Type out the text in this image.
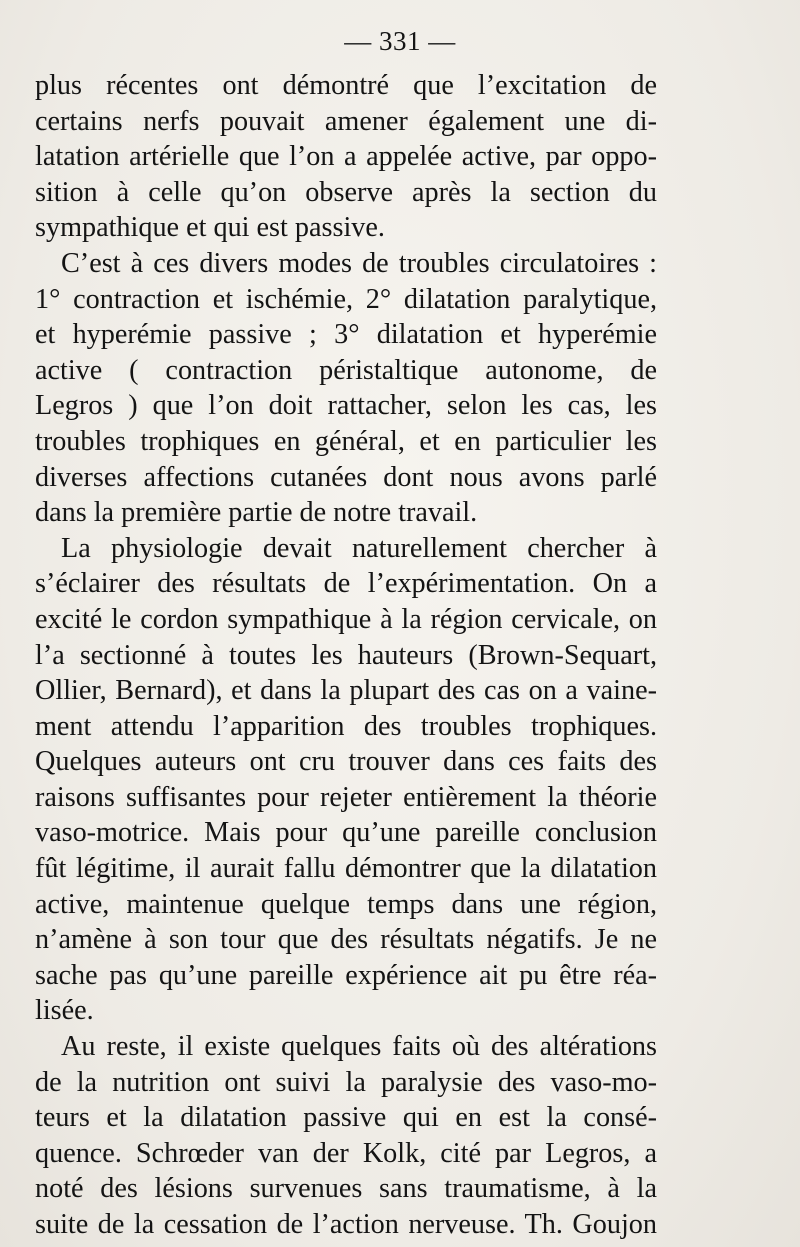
— 331 —
plus récentes ont démontré que l’excitation de
certains nerfs pouvait amener également une di-
latation artérielle que l’on a appelée active, par oppo-
sition à celle qu’on observe après la section du
sympathique et qui est passive.
C’est à ces divers modes de troubles circulatoires :
1° contraction et ischémie, 2° dilatation paralytique,
et hyperémie passive ; 3° dilatation et hyperémie
active ( contraction péristaltique autonome, de
Legros ) que l’on doit rattacher, selon les cas, les
troubles trophiques en général, et en particulier les
diverses affections cutanées dont nous avons parlé
dans la première partie de notre travail.
La physiologie devait naturellement chercher à
s’éclairer des résultats de l’expérimentation. On a
excité le cordon sympathique à la région cervicale, on
l’a sectionné à toutes les hauteurs (Brown-Sequart,
Ollier, Bernard), et dans la plupart des cas on a vaine-
ment attendu l’apparition des troubles trophiques.
Quelques auteurs ont cru trouver dans ces faits des
raisons suffisantes pour rejeter entièrement la théorie
vaso-motrice. Mais pour qu’une pareille conclusion
fût légitime, il aurait fallu démontrer que la dilatation
active, maintenue quelque temps dans une région,
n’amène à son tour que des résultats négatifs. Je ne
sache pas qu’une pareille expérience ait pu être réa-
lisée.
Au reste, il existe quelques faits où des altérations
de la nutrition ont suivi la paralysie des vaso-mo-
teurs et la dilatation passive qui en est la consé-
quence. Schrœder van der Kolk, cité par Legros, a
noté des lésions survenues sans traumatisme, à la
suite de la cessation de l’action nerveuse. Th. Goujon
